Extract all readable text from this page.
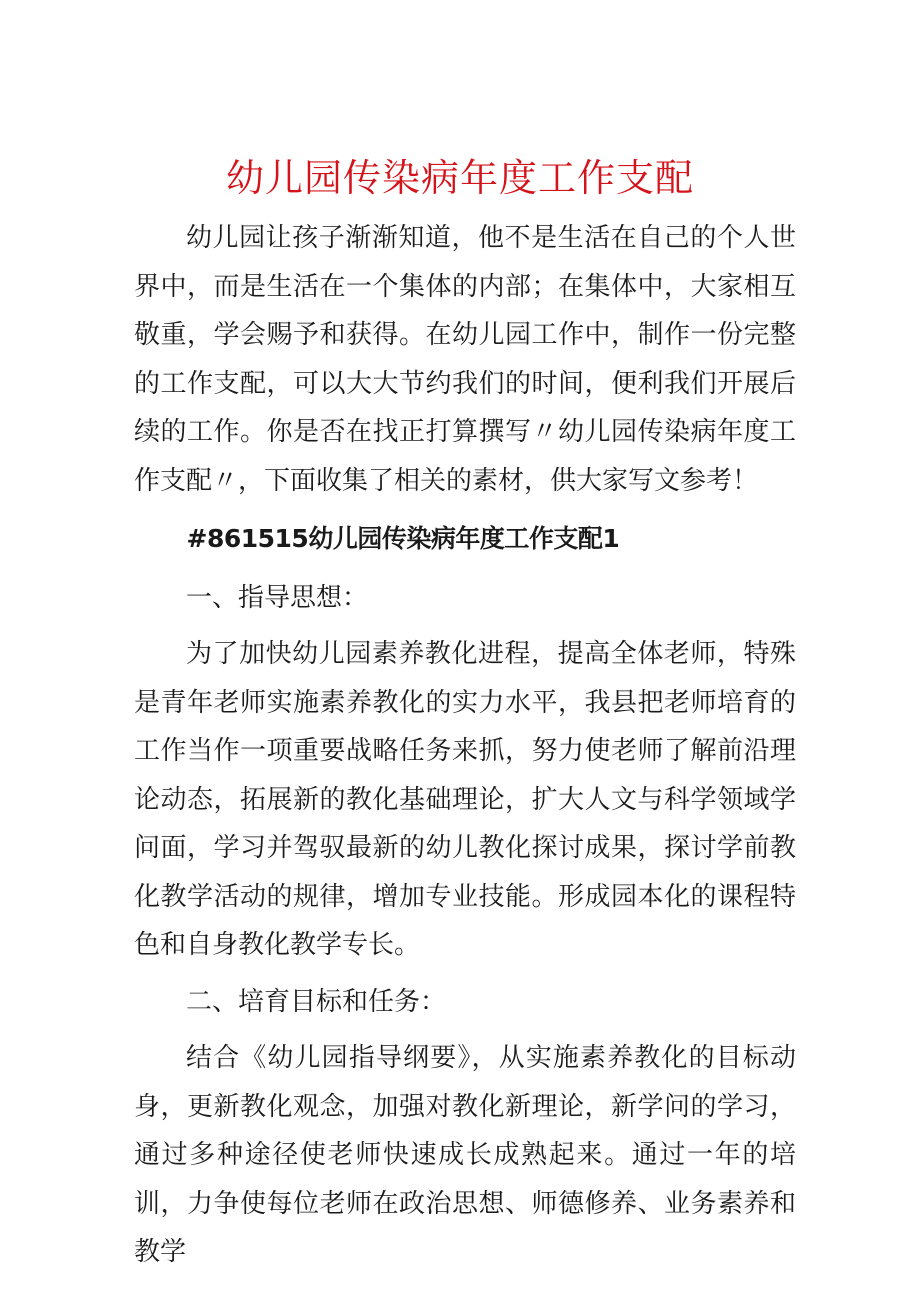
幼儿园传染病年度工作支配

幼儿园让孩子渐渐知道，他不是生活在自己的个人世界中，而是生活在一个集体的内部；在集体中，大家相互敬重，学会赐予和获得。在幼儿园工作中，制作一份完整的工作支配，可以大大节约我们的时间，便利我们开展后续的工作。你是否在找正打算撰写〃幼儿园传染病年度工作支配〃，下面收集了相关的素材，供大家写文参考！

#861515幼儿园传染病年度工作支配1

一、指导思想：

为了加快幼儿园素养教化进程，提高全体老师，特殊是青年老师实施素养教化的实力水平，我县把老师培育的工作当作一项重要战略任务来抓，努力使老师了解前沿理论动态，拓展新的教化基础理论，扩大人文与科学领域学问面，学习并驾驭最新的幼儿教化探讨成果，探讨学前教化教学活动的规律，增加专业技能。形成园本化的课程特色和自身教化教学专长。

二、培育目标和任务：

结合《幼儿园指导纲要》，从实施素养教化的目标动身，更新教化观念，加强对教化新理论，新学问的学习，通过多种途径使老师快速成长成熟起来。通过一年的培训，力争使每位老师在政治思想、师德修养、业务素养和教学
